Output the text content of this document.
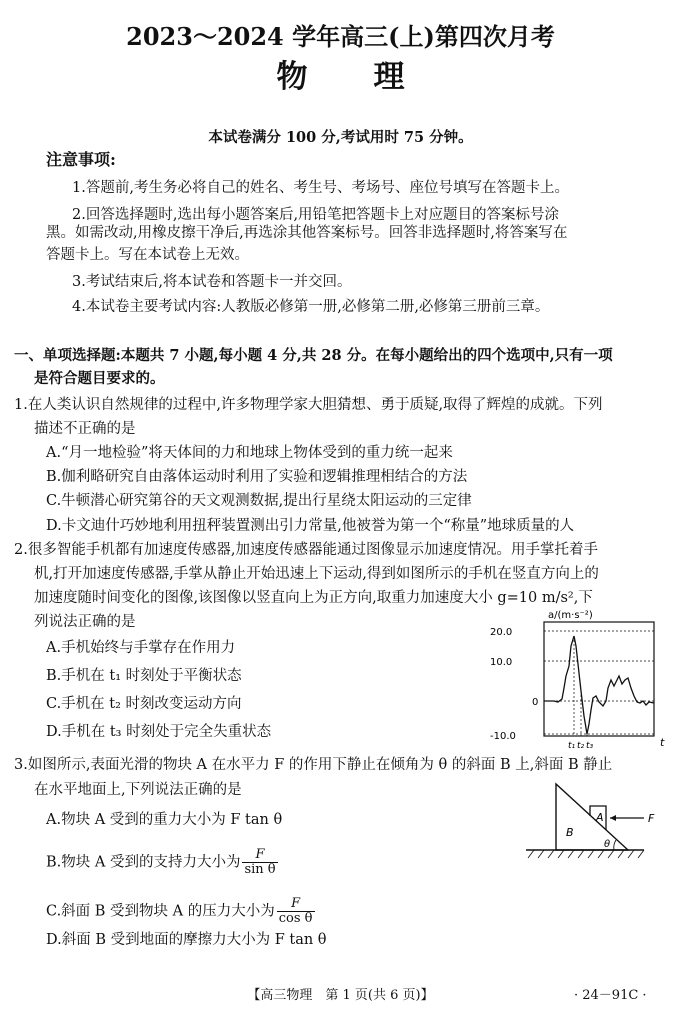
2023～2024 学年高三(上)第四次月考
物理
本试卷满分 100 分,考试用时 75 分钟。
注意事项:
1.答题前,考生务必将自己的姓名、考生号、考场号、座位号填写在答题卡上。
2.回答选择题时,选出每小题答案后,用铅笔把答题卡上对应题目的答案标号涂
黑。如需改动,用橡皮擦干净后,再选涂其他答案标号。回答非选择题时,将答案写在
答题卡上。写在本试卷上无效。
3.考试结束后,将本试卷和答题卡一并交回。
4.本试卷主要考试内容:人教版必修第一册,必修第二册,必修第三册前三章。
一、单项选择题:本题共 7 小题,每小题 4 分,共 28 分。在每小题给出的四个选项中,只有一项
是符合题目要求的。
1.在人类认识自然规律的过程中,许多物理学家大胆猜想、勇于质疑,取得了辉煌的成就。下列
描述不正确的是
A.“月一地检验”将天体间的力和地球上物体受到的重力统一起来
B.伽利略研究自由落体运动时利用了实验和逻辑推理相结合的方法
C.牛顿潜心研究第谷的天文观测数据,提出行星绕太阳运动的三定律
D.卡文迪什巧妙地利用扭秤装置测出引力常量,他被誉为第一个“称量”地球质量的人
2.很多智能手机都有加速度传感器,加速度传感器能通过图像显示加速度情况。用手掌托着手
机,打开加速度传感器,手掌从静止开始迅速上下运动,得到如图所示的手机在竖直方向上的
加速度随时间变化的图像,该图像以竖直向上为正方向,取重力加速度大小 g=10 m/s²,下
列说法正确的是
A.手机始终与手掌存在作用力
B.手机在 t₁ 时刻处于平衡状态
C.手机在 t₂ 时刻改变运动方向
D.手机在 t₃ 时刻处于完全失重状态
a/(m·s⁻²)
20.0
10.0
0
-10.0
t₁ t₂ t₃	t
3.如图所示,表面光滑的物块 A 在水平力 F 的作用下静止在倾角为 θ 的斜面 B 上,斜面 B 静止
在水平地面上,下列说法正确的是
A.物块 A 受到的重力大小为 F tan θ
B.物块 A 受到的支持力大小为 $\frac{F}{\text{sin θ}}$
C.斜面 B 受到物块 A 的压力大小为 $\frac{F}{\text{cos θ}}$
D.斜面 B 受到地面的摩擦力大小为 F tan θ
F
A
B
θ
【高三物理　第 1 页(共 6 页)】	· 24－91C ·
